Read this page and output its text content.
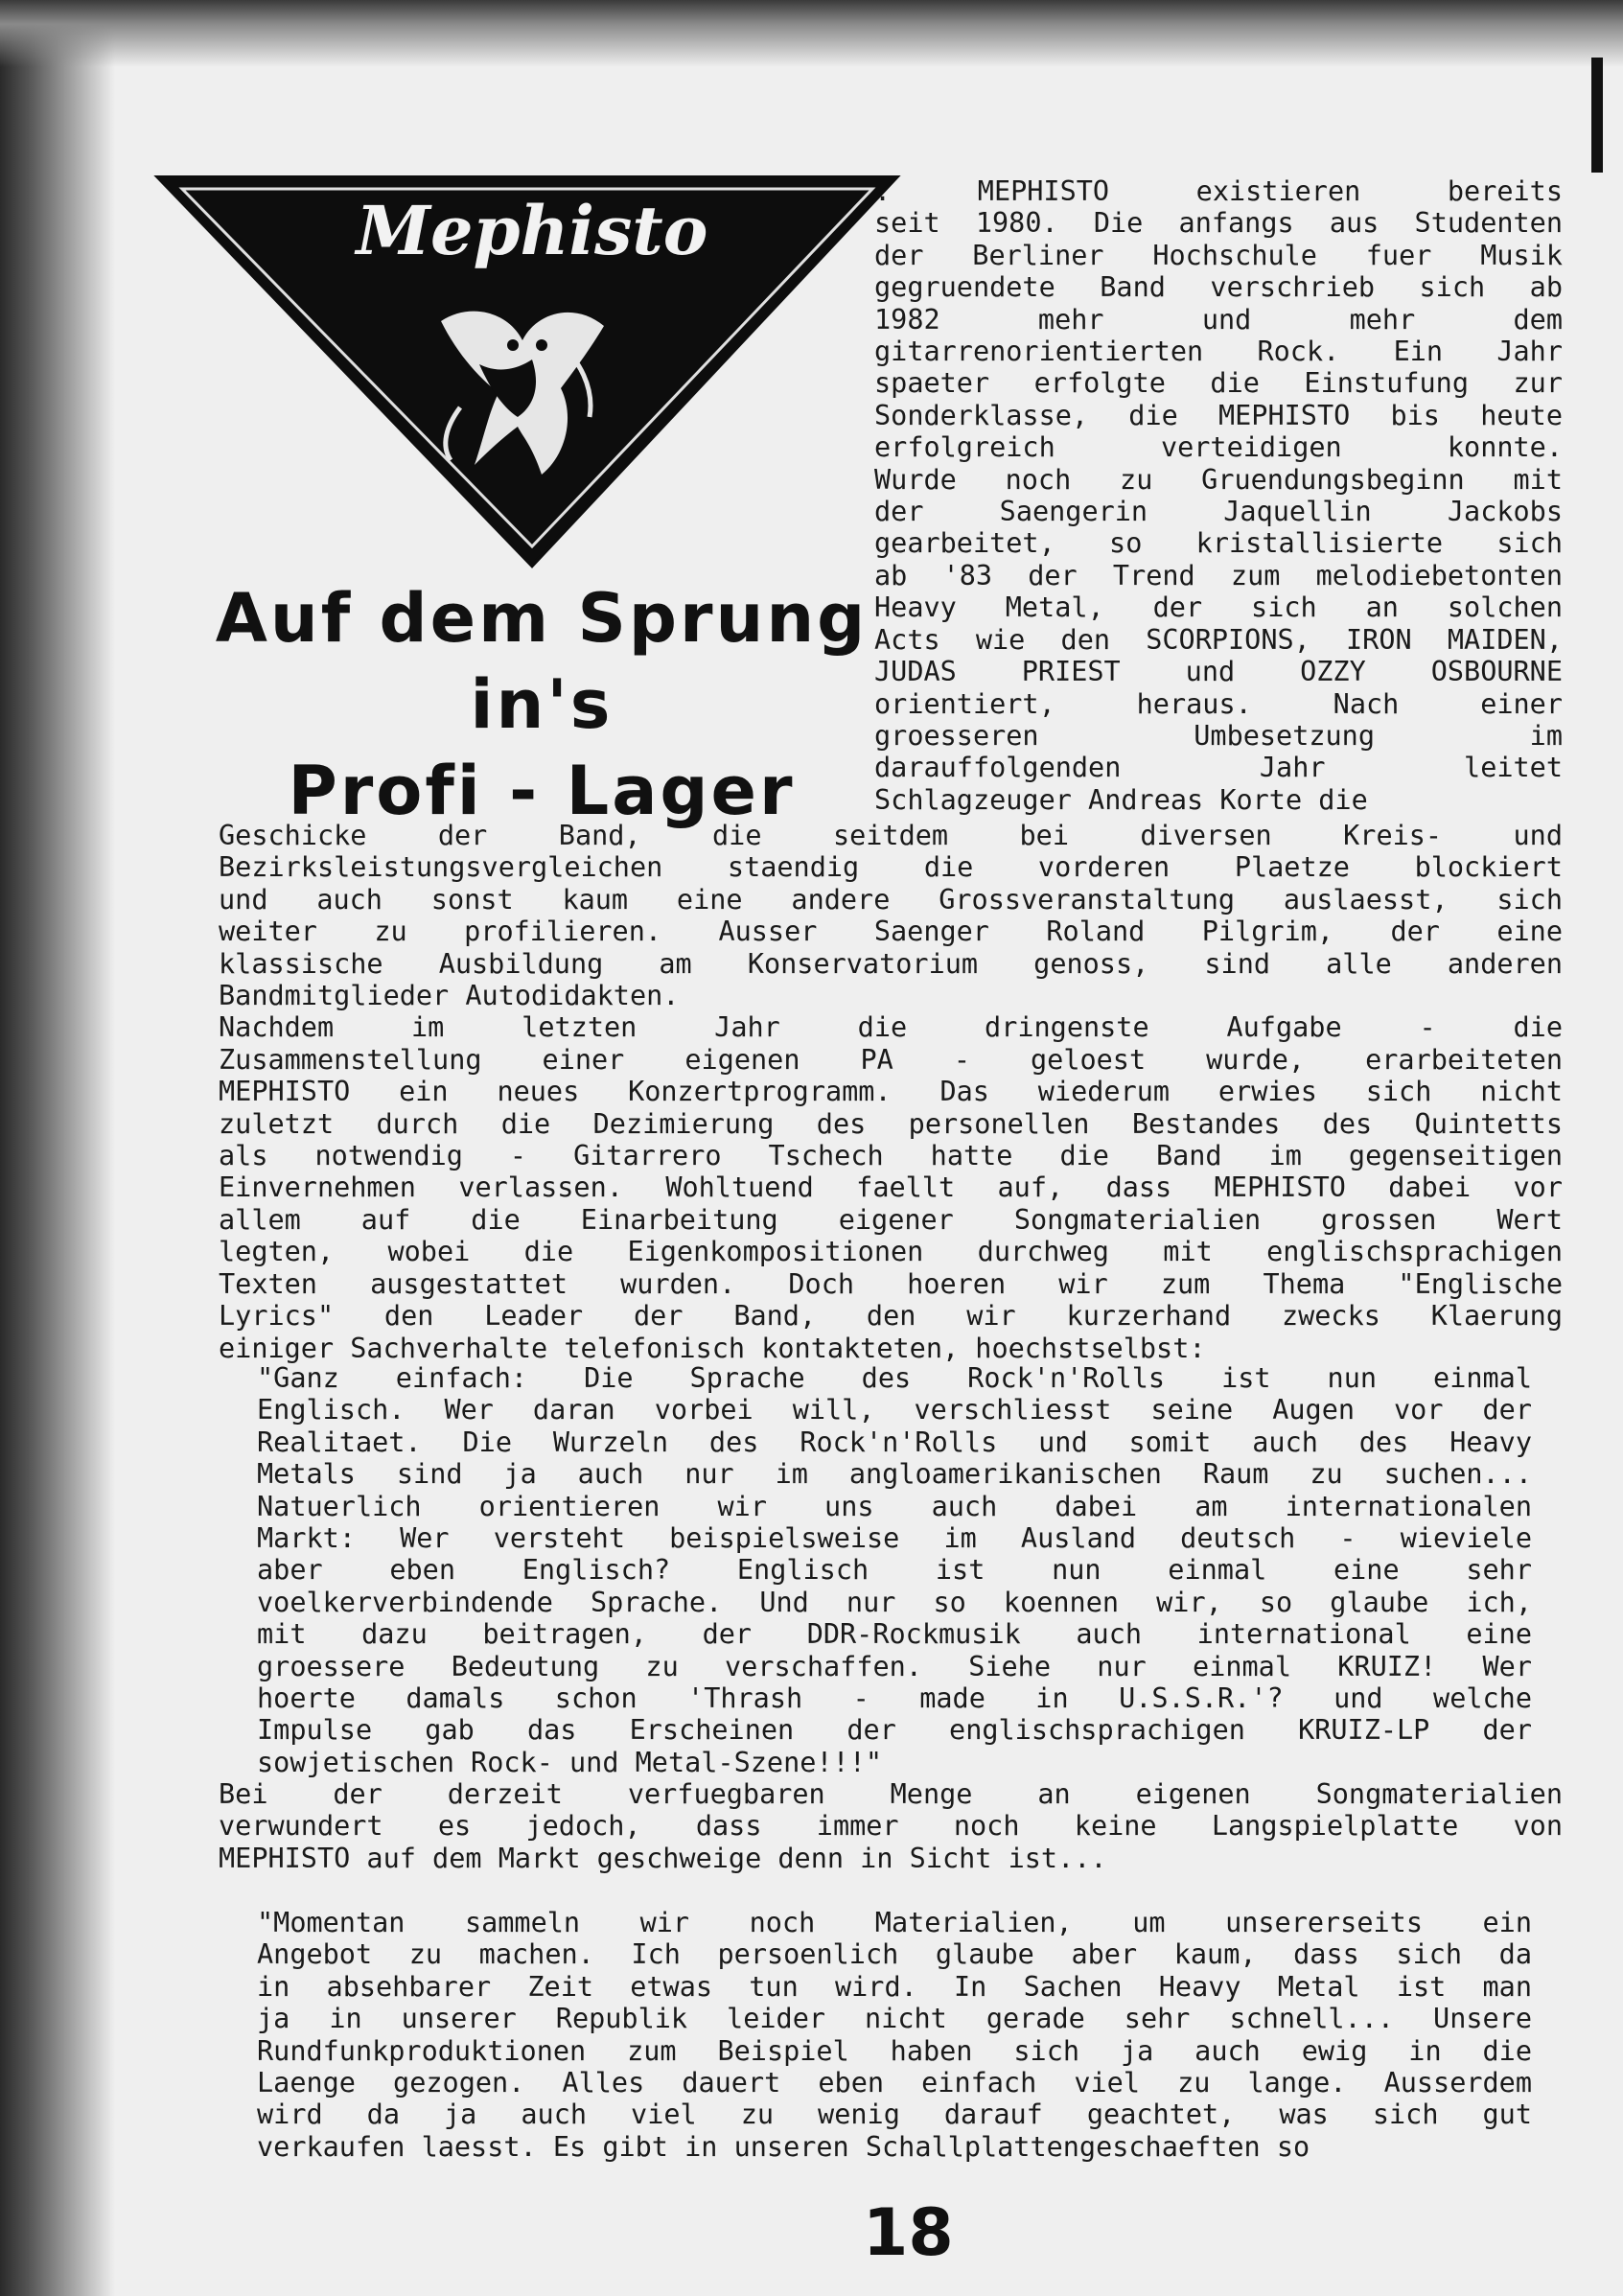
Mephisto
Auf dem Sprung
in's
Profi - Lager
. MEPHISTO existieren bereits
seit 1980. Die anfangs aus Studenten
der Berliner Hochschule fuer Musik
gegruendete Band verschrieb sich ab
1982 mehr und mehr dem
gitarrenorientierten Rock. Ein Jahr
spaeter erfolgte die Einstufung zur
Sonderklasse, die MEPHISTO bis heute
erfolgreich verteidigen konnte.
Wurde noch zu Gruendungsbeginn mit
der Saengerin Jaquellin Jackobs
gearbeitet, so kristallisierte sich
ab '83 der Trend zum melodiebetonten
Heavy Metal, der sich an solchen
Acts wie den SCORPIONS, IRON MAIDEN,
JUDAS PRIEST und OZZY OSBOURNE
orientiert, heraus. Nach einer
groesseren Umbesetzung im
darauffolgenden Jahr leitet
Schlagzeuger Andreas Korte die
Geschicke der Band, die seitdem bei diversen Kreis- und
Bezirksleistungsvergleichen staendig die vorderen Plaetze blockiert
und auch sonst kaum eine andere Grossveranstaltung auslaesst, sich
weiter zu profilieren. Ausser Saenger Roland Pilgrim, der eine
klassische Ausbildung am Konservatorium genoss, sind alle anderen
Bandmitglieder Autodidakten.
Nachdem im letzten Jahr die dringenste Aufgabe - die
Zusammenstellung einer eigenen PA - geloest wurde, erarbeiteten
MEPHISTO ein neues Konzertprogramm. Das wiederum erwies sich nicht
zuletzt durch die Dezimierung des personellen Bestandes des Quintetts
als notwendig - Gitarrero Tschech hatte die Band im gegenseitigen
Einvernehmen verlassen. Wohltuend faellt auf, dass MEPHISTO dabei vor
allem auf die Einarbeitung eigener Songmaterialien grossen Wert
legten, wobei die Eigenkompositionen durchweg mit englischsprachigen
Texten ausgestattet wurden. Doch hoeren wir zum Thema "Englische
Lyrics" den Leader der Band, den wir kurzerhand zwecks Klaerung
einiger Sachverhalte telefonisch kontakteten, hoechstselbst:
"Ganz einfach: Die Sprache des Rock'n'Rolls ist nun einmal
Englisch. Wer daran vorbei will, verschliesst seine Augen vor der
Realitaet. Die Wurzeln des Rock'n'Rolls und somit auch des Heavy
Metals sind ja auch nur im angloamerikanischen Raum zu suchen...
Natuerlich orientieren wir uns auch dabei am internationalen
Markt: Wer versteht beispielsweise im Ausland deutsch - wieviele
aber eben Englisch? Englisch ist nun einmal eine sehr
voelkerverbindende Sprache. Und nur so koennen wir, so glaube ich,
mit dazu beitragen, der DDR-Rockmusik auch international eine
groessere Bedeutung zu verschaffen. Siehe nur einmal KRUIZ! Wer
hoerte damals schon 'Thrash - made in U.S.S.R.'? und welche
Impulse gab das Erscheinen der englischsprachigen KRUIZ-LP der
sowjetischen Rock- und Metal-Szene!!!"
Bei der derzeit verfuegbaren Menge an eigenen Songmaterialien
verwundert es jedoch, dass immer noch keine Langspielplatte von
MEPHISTO auf dem Markt geschweige denn in Sicht ist...
"Momentan sammeln wir noch Materialien, um unsererseits ein
Angebot zu machen. Ich persoenlich glaube aber kaum, dass sich da
in absehbarer Zeit etwas tun wird. In Sachen Heavy Metal ist man
ja in unserer Republik leider nicht gerade sehr schnell... Unsere
Rundfunkproduktionen zum Beispiel haben sich ja auch ewig in die
Laenge gezogen. Alles dauert eben einfach viel zu lange. Ausserdem
wird da ja auch viel zu wenig darauf geachtet, was sich gut
verkaufen laesst. Es gibt in unseren Schallplattengeschaeften so
18
